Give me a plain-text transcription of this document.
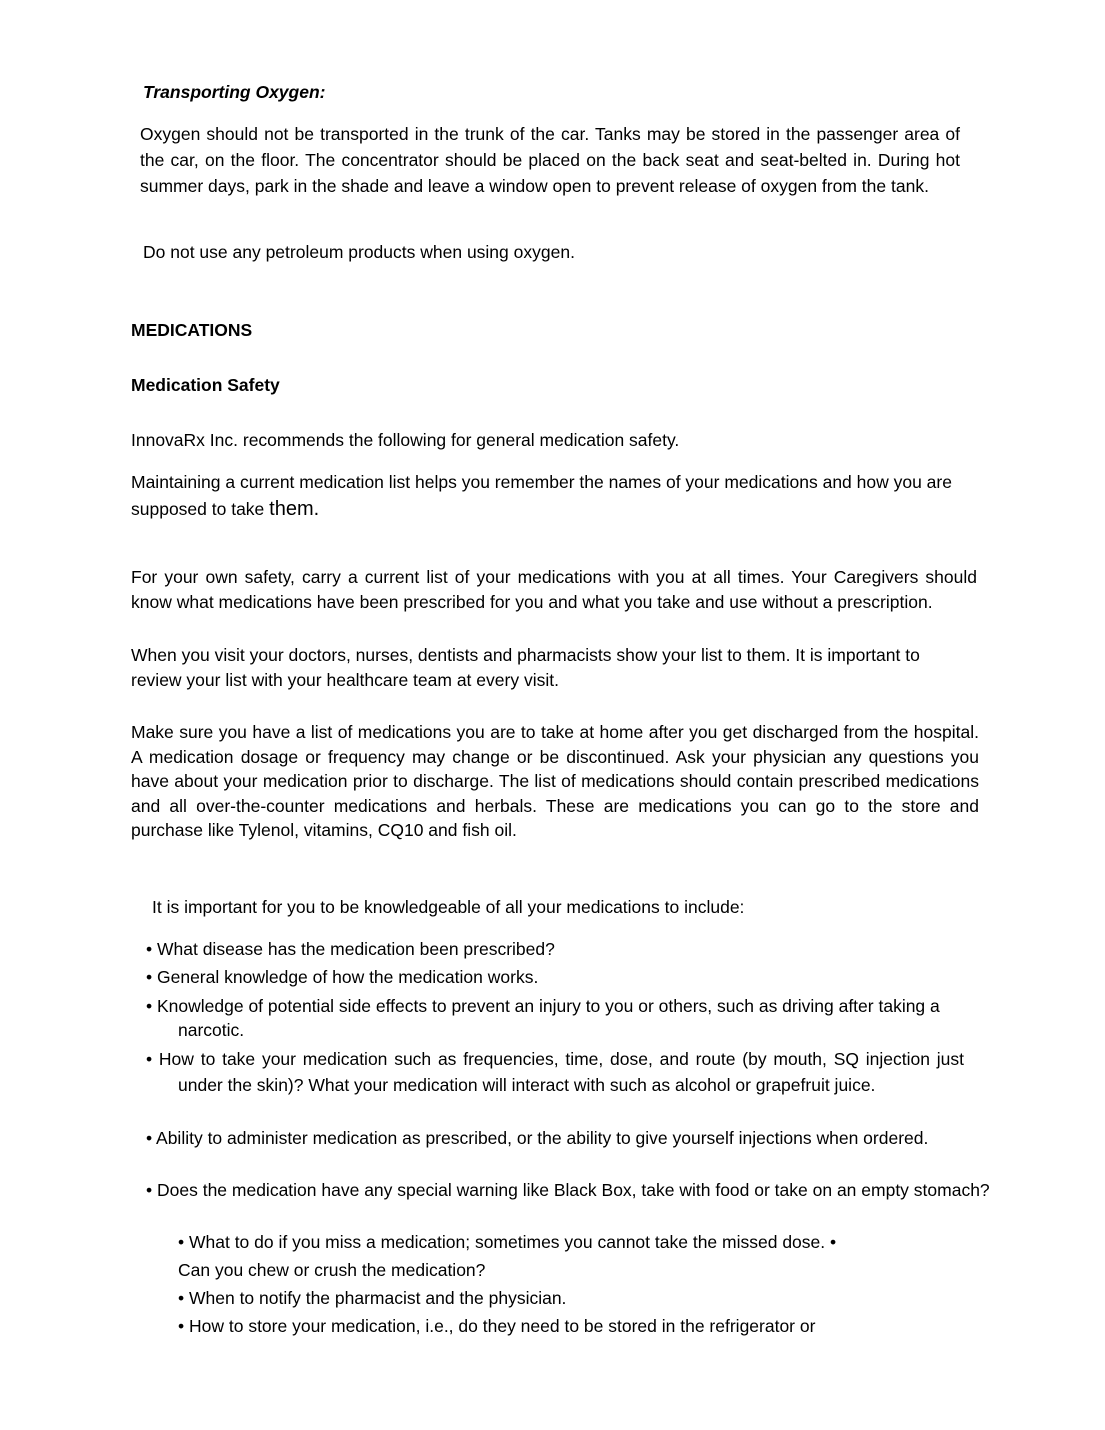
Transporting Oxygen:

Oxygen should not be transported in the trunk of the car. Tanks may be stored in the passenger area of the car, on the floor. The concentrator should be placed on the back seat and seat-belted in. During hot summer days, park in the shade and leave a window open to prevent release of oxygen from the tank.

Do not use any petroleum products when using oxygen.

MEDICATIONS

Medication Safety

InnovaRx Inc. recommends the following for general medication safety.

Maintaining a current medication list helps you remember the names of your medications and how you are supposed to take them.

For your own safety, carry a current list of your medications with you at all times. Your Caregivers should know what medications have been prescribed for you and what you take and use without a prescription.

When you visit your doctors, nurses, dentists and pharmacists show your list to them. It is important to review your list with your healthcare team at every visit.

Make sure you have a list of medications you are to take at home after you get discharged from the hospital. A medication dosage or frequency may change or be discontinued. Ask your physician any questions you have about your medication prior to discharge. The list of medications should contain prescribed medications and all over-the-counter medications and herbals. These are medications you can go to the store and purchase like Tylenol, vitamins, CQ10 and fish oil.

It is important for you to be knowledgeable of all your medications to include:

• What disease has the medication been prescribed?

• General knowledge of how the medication works.

• Knowledge of potential side effects to prevent an injury to you or others, such as driving after taking a narcotic.

• How to take your medication such as frequencies, time, dose, and route (by mouth, SQ injection just under the skin)? What your medication will interact with such as alcohol or grapefruit juice.

• Ability to administer medication as prescribed, or the ability to give yourself injections when ordered.

• Does the medication have any special warning like Black Box, take with food or take on an empty stomach?

• What to do if you miss a medication; sometimes you cannot take the missed dose. •

Can you chew or crush the medication?

• When to notify the pharmacist and the physician.

• How to store your medication, i.e., do they need to be stored in the refrigerator or
